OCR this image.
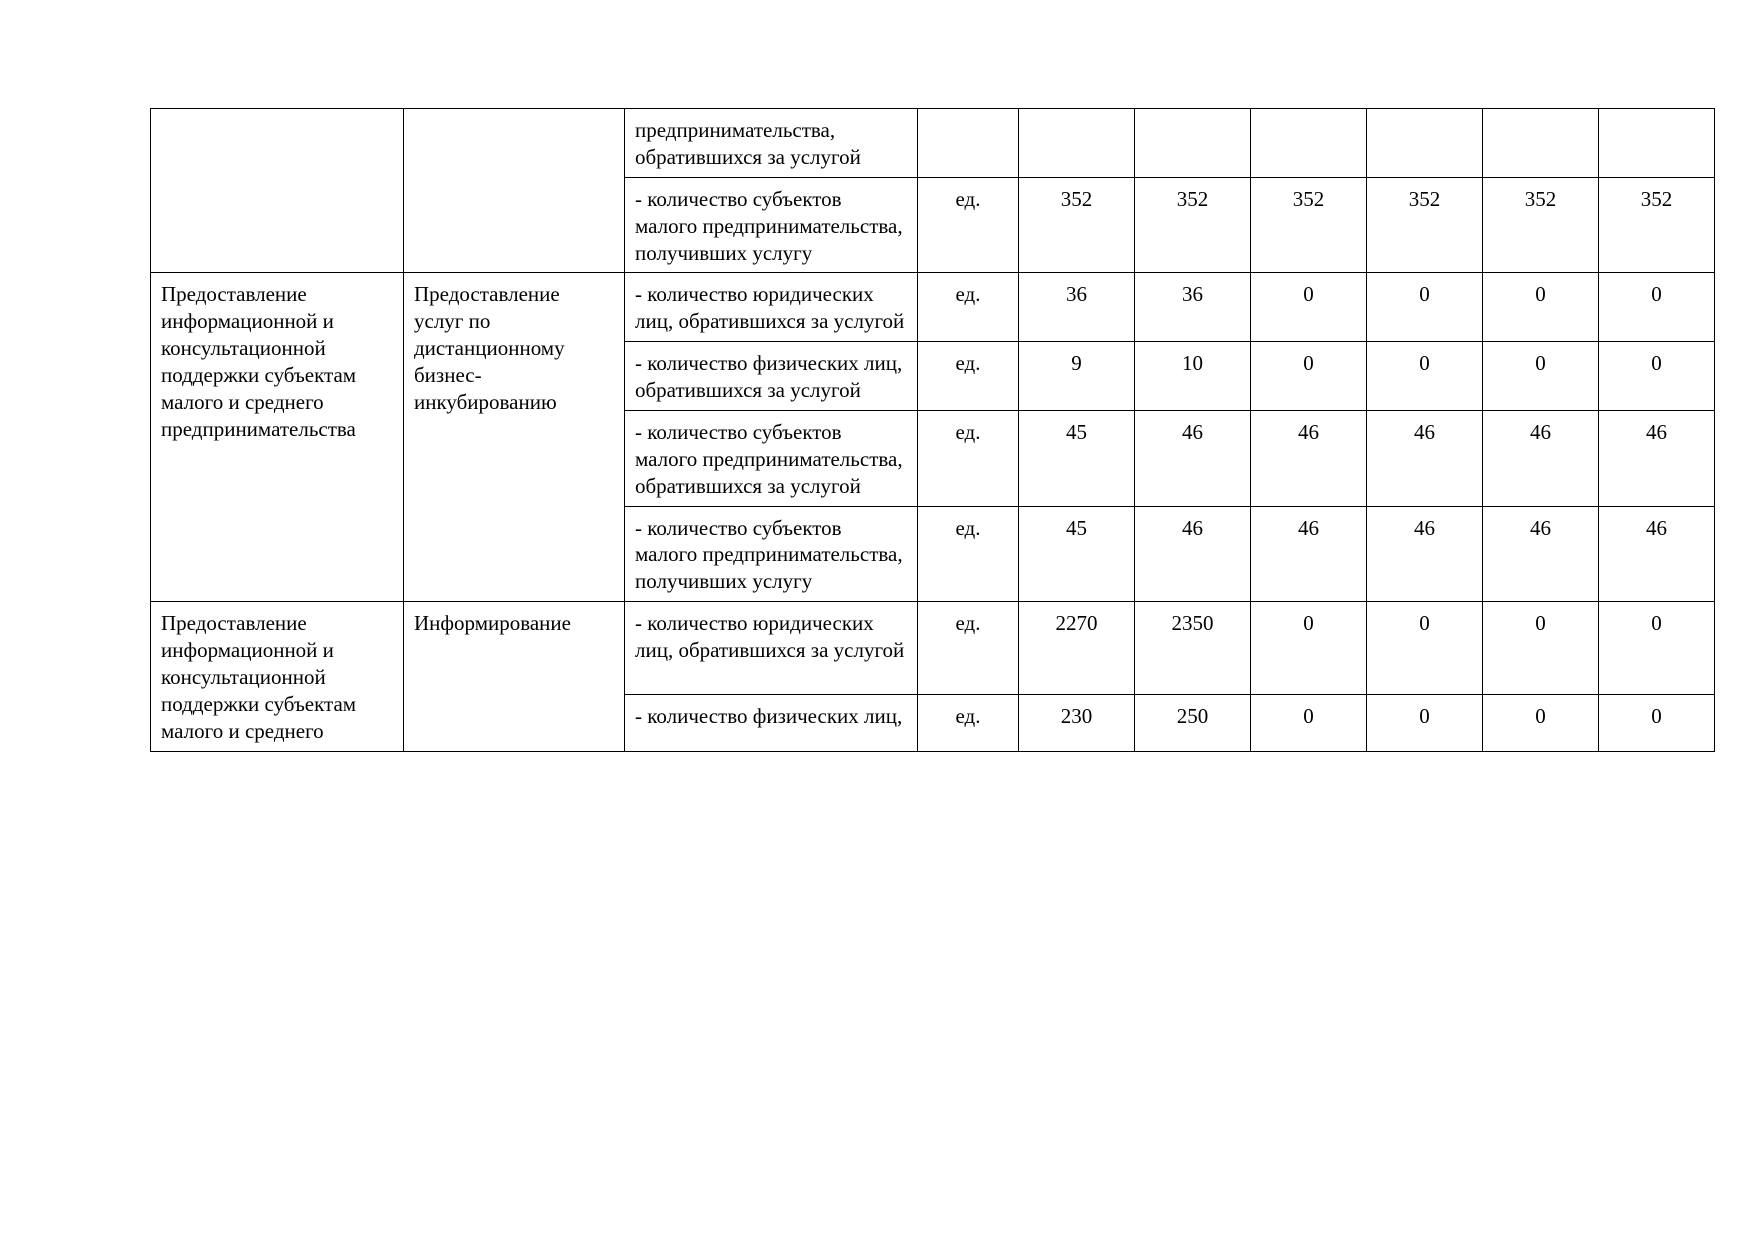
		предпринимательства, обратившихся за услугой							
		- количество субъектов малого предпринимательства, получивших услугу	ед.	352	352	352	352	352	352
Предоставление информационной и консультационной поддержки субъектам малого и среднего предпринимательства	Предоставление услуг по дистанционному бизнес-инкубированию	- количество юридических лиц, обратившихся за услугой	ед.	36	36	0	0	0	0
		- количество физических лиц, обратившихся за услугой	ед.	9	10	0	0	0	0
		- количество субъектов малого предпринимательства, обратившихся за услугой	ед.	45	46	46	46	46	46
		- количество субъектов малого предпринимательства, получивших услугу	ед.	45	46	46	46	46	46
Предоставление информационной и консультационной поддержки субъектам малого и среднего	Информирование	- количество юридических лиц, обратившихся за услугой	ед.	2270	2350	0	0	0	0
		- количество физических лиц,	ед.	230	250	0	0	0	0
